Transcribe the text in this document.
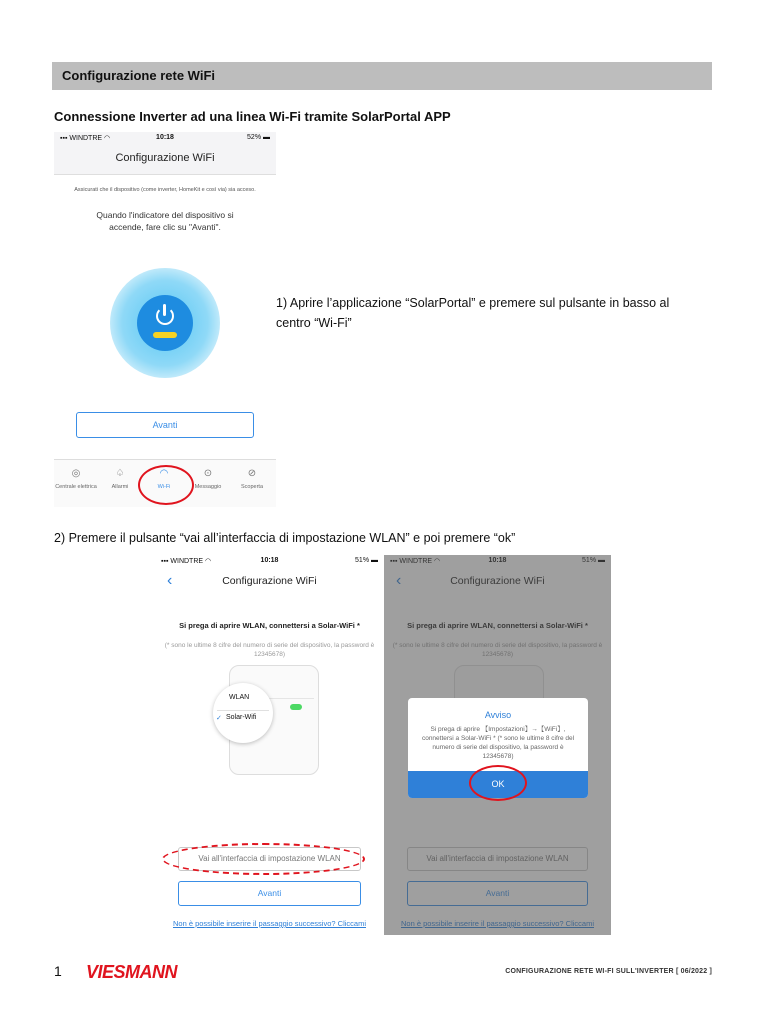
Configurazione rete WiFi
Connessione Inverter ad una linea Wi-Fi tramite SolarPortal APP
▪▪▪ WINDTRE ◠	10:18	52% ▬
Configurazione WiFi
Assicurati che il dispositivo (come inverter, HomeKit e così via) sia acceso.
Quando l'indicatore del dispositivo si accende, fare clic su "Avanti".
Avanti
◎
Centrale elettrica
♤
Allarmi
◠
Wi-Fi
⊙
Messaggio
⊘
Scoperta
1) Aprire l’applicazione “SolarPortal” e premere sul pulsante in basso al centro “Wi-Fi”
2) Premere il pulsante “vai all’interfaccia di impostazione WLAN” e poi premere “ok”
▪▪▪ WINDTRE ◠	10:18	51% ▬
‹	Configurazione WiFi
Si prega di aprire WLAN, connettersi a Solar-WiFi *
(* sono le ultime 8 cifre del numero di serie del dispositivo, la password è 12345678)
WLAN
✓ Solar-Wifi
Vai all'interfaccia di impostazione WLAN
Avanti
Non è possibile inserire il passaggio successivo? Cliccami
Avviso
Si prega di aprire 【Impostazioni】→【WiFi】, connettersi a Solar-WiFi * (* sono le ultime 8 cifre del numero di serie del dispositivo, la password è 12345678)
OK
1 VIESMANN	CONFIGURAZIONE RETE WI-FI SULL'INVERTER [ 06/2022 ]
